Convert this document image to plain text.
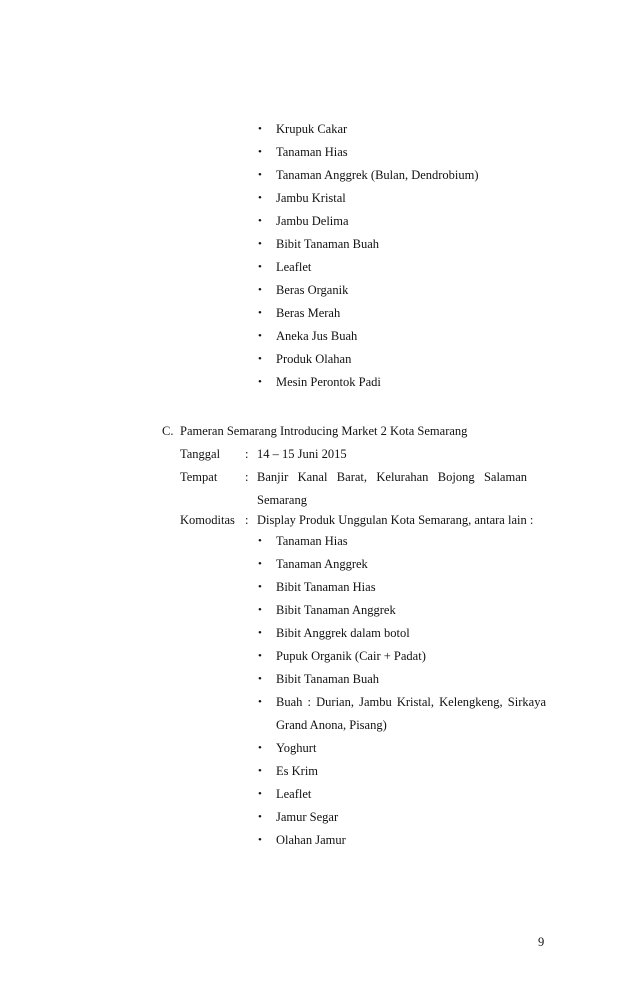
•	Krupuk Cakar
•	Tanaman Hias
•	Tanaman Anggrek (Bulan, Dendrobium)
•	Jambu Kristal
•	Jambu Delima
•	Bibit Tanaman Buah
•	Leaflet
•	Beras Organik
•	Beras Merah
•	Aneka Jus Buah
•	Produk Olahan
•	Mesin Perontok Padi
C. Pameran Semarang Introducing Market 2 Kota Semarang
Tanggal : 14 – 15 Juni 2015
Tempat : Banjir Kanal Barat, Kelurahan Bojong Salaman
Semarang
Komoditas : Display Produk Unggulan Kota Semarang, antara lain :
•	Tanaman Hias
•	Tanaman Anggrek
•	Bibit Tanaman Hias
•	Bibit Tanaman Anggrek
•	Bibit Anggrek dalam botol
•	Pupuk Organik (Cair + Padat)
•	Bibit Tanaman Buah
•	Buah : Durian, Jambu Kristal, Kelengkeng, Sirkaya Grand Anona, Pisang)
•	Yoghurt
•	Es Krim
•	Leaflet
•	Jamur Segar
•	Olahan Jamur
9
